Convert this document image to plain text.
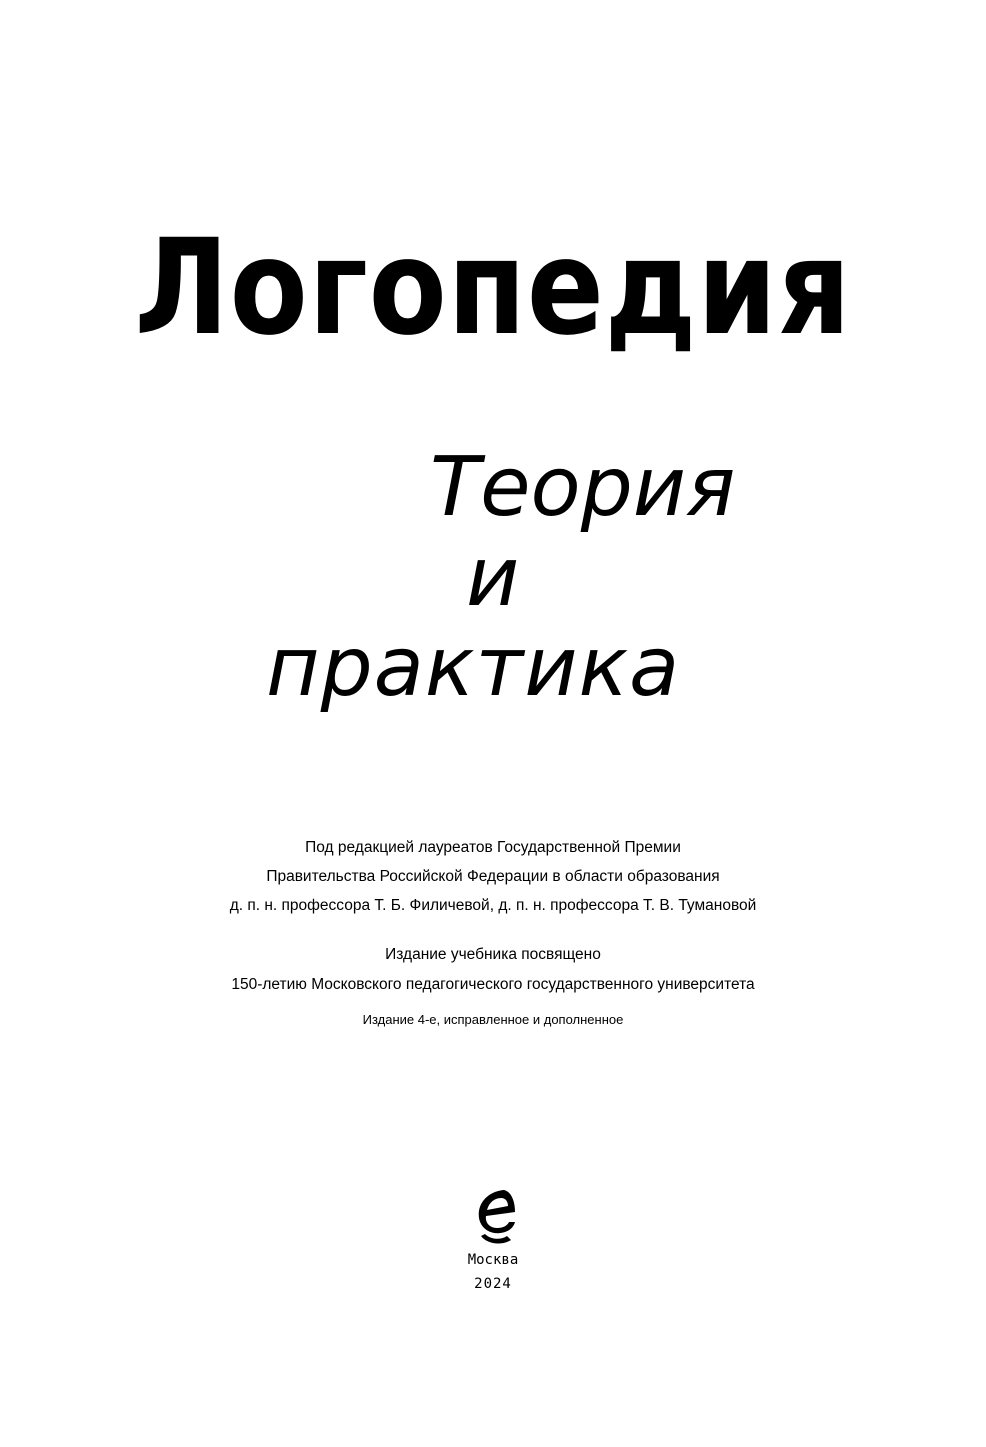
Логопедия
Теория
и
практика
Под редакцией лауреатов Государственной Премии
Правительства Российской Федерации в области образования
д. п. н. профессора Т. Б. Филичевой, д. п. н. профессора Т. В. Тумановой
Издание учебника посвящено
150-летию Московского педагогического государственного университета
Издание 4-е, исправленное и дополненное
Москва
2024
